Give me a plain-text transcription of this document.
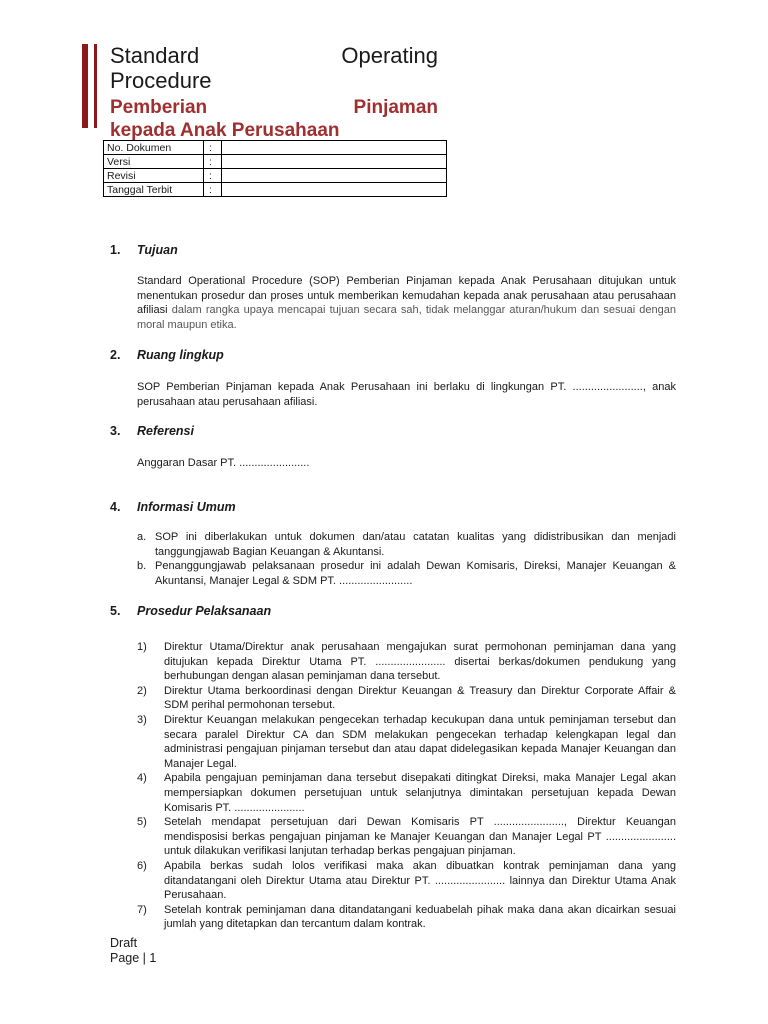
Standard Operating
Procedure
Pemberian Pinjaman
kepada Anak Perusahaan
No. Dokumen	:	
Versi	:	
Revisi	:	
Tanggal Terbit	:	
1.	Tujuan
Standard Operational Procedure (SOP) Pemberian Pinjaman kepada Anak Perusahaan ditujukan untuk menentukan prosedur dan proses untuk memberikan kemudahan kepada anak perusahaan atau perusahaan afiliasi dalam rangka upaya mencapai tujuan secara sah, tidak melanggar aturan/hukum dan sesuai dengan moral maupun etika.
2.	Ruang lingkup
SOP Pemberian Pinjaman kepada Anak Perusahaan ini berlaku di lingkungan PT. ......................., anak perusahaan atau perusahaan afiliasi.
3.	Referensi
Anggaran Dasar PT. .......................
4.	Informasi Umum
a. SOP ini diberlakukan untuk dokumen dan/atau catatan kualitas yang didistribusikan dan menjadi tanggungjawab Bagian Keuangan & Akuntansi.
b. Penanggungjawab pelaksanaan prosedur ini adalah Dewan Komisaris, Direksi, Manajer Keuangan & Akuntansi, Manajer Legal & SDM PT. ........................
5.	Prosedur Pelaksanaan
1)	Direktur Utama/Direktur anak perusahaan mengajukan surat permohonan peminjaman dana yang ditujukan kepada Direktur Utama PT. ....................... disertai berkas/dokumen pendukung yang berhubungan dengan alasan peminjaman dana tersebut.
2)	Direktur Utama berkoordinasi dengan Direktur Keuangan & Treasury dan Direktur Corporate Affair & SDM perihal permohonan tersebut.
3)	Direktur Keuangan melakukan pengecekan terhadap kecukupan dana untuk peminjaman tersebut dan secara paralel Direktur CA dan SDM melakukan pengecekan terhadap kelengkapan legal dan administrasi pengajuan pinjaman tersebut dan atau dapat didelegasikan kepada Manajer Keuangan dan Manajer Legal.
4)	Apabila pengajuan peminjaman dana tersebut disepakati ditingkat Direksi, maka Manajer Legal akan mempersiapkan dokumen persetujuan untuk selanjutnya dimintakan persetujuan kepada Dewan Komisaris PT. .......................
5)	Setelah mendapat persetujuan dari Dewan Komisaris PT ......................., Direktur Keuangan mendisposisi berkas pengajuan pinjaman ke Manajer Keuangan dan Manajer Legal PT ....................... untuk dilakukan verifikasi lanjutan terhadap berkas pengajuan pinjaman.
6)	Apabila berkas sudah lolos verifikasi maka akan dibuatkan kontrak peminjaman dana yang ditandatangani oleh Direktur Utama atau Direktur PT. ....................... lainnya dan Direktur Utama Anak Perusahaan.
7)	Setelah kontrak peminjaman dana ditandatangani keduabelah pihak maka dana akan dicairkan sesuai jumlah yang ditetapkan dan tercantum dalam kontrak.
Draft
Page | 1
